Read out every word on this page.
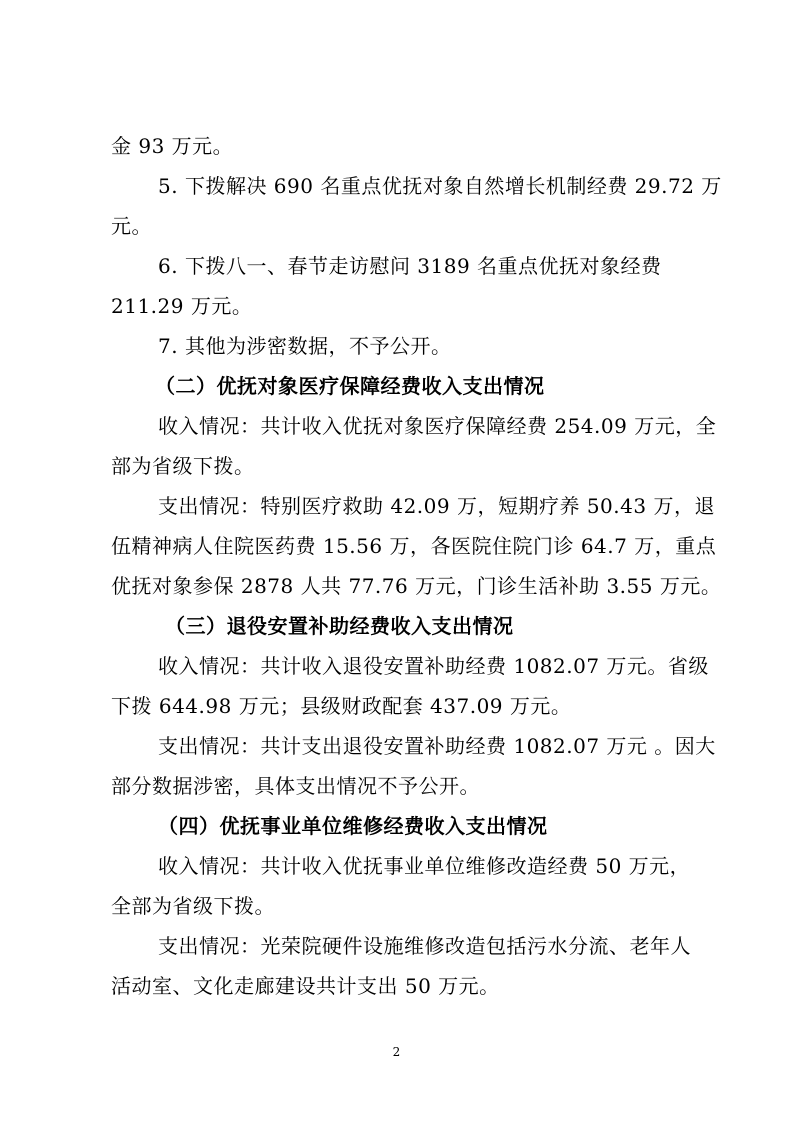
金 93 万元。
5. 下拨解决 690 名重点优抚对象自然增长机制经费 29.72 万
元。
6. 下拨八一、春节走访慰问 3189 名重点优抚对象经费
211.29 万元。
7. 其他为涉密数据，不予公开。
（二）优抚对象医疗保障经费收入支出情况
收入情况：共计收入优抚对象医疗保障经费 254.09 万元，全
部为省级下拨。
支出情况：特别医疗救助 42.09 万，短期疗养 50.43 万，退
伍精神病人住院医药费 15.56 万，各医院住院门诊 64.7 万，重点
优抚对象参保 2878 人共 77.76 万元，门诊生活补助 3.55 万元。
（三）退役安置补助经费收入支出情况
收入情况：共计收入退役安置补助经费 1082.07 万元。省级
下拨 644.98 万元；县级财政配套 437.09 万元。
支出情况：共计支出退役安置补助经费 1082.07 万元 。因大
部分数据涉密，具体支出情况不予公开。
（四）优抚事业单位维修经费收入支出情况
收入情况：共计收入优抚事业单位维修改造经费 50 万元，
全部为省级下拨。
支出情况：光荣院硬件设施维修改造包括污水分流、老年人
活动室、文化走廊建设共计支出 50 万元。
2
